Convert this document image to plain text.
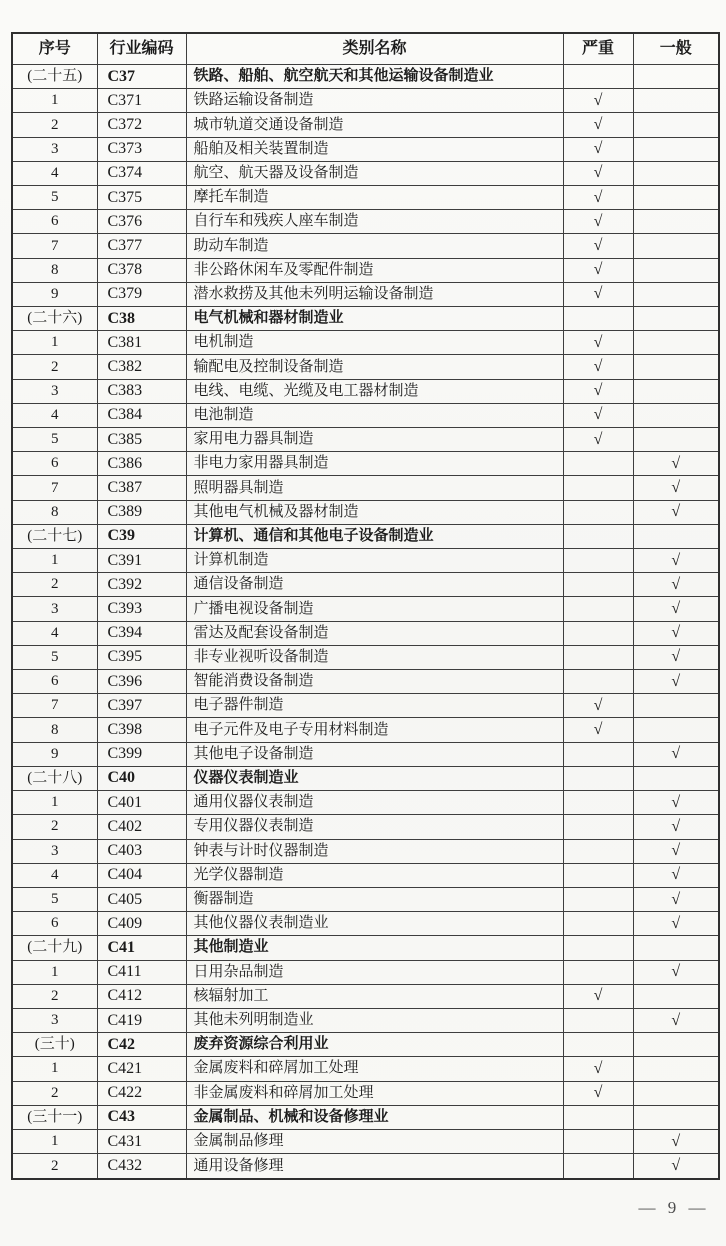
序号	行业编码	类别名称	严重	一般
(二十五)	C37	铁路、船舶、航空航天和其他运输设备制造业		
1	C371	铁路运输设备制造	√	
2	C372	城市轨道交通设备制造	√	
3	C373	船舶及相关装置制造	√	
4	C374	航空、航天器及设备制造	√	
5	C375	摩托车制造	√	
6	C376	自行车和残疾人座车制造	√	
7	C377	助动车制造	√	
8	C378	非公路休闲车及零配件制造	√	
9	C379	潜水救捞及其他未列明运输设备制造	√	
(二十六)	C38	电气机械和器材制造业		
1	C381	电机制造	√	
2	C382	输配电及控制设备制造	√	
3	C383	电线、电缆、光缆及电工器材制造	√	
4	C384	电池制造	√	
5	C385	家用电力器具制造	√	
6	C386	非电力家用器具制造		√
7	C387	照明器具制造		√
8	C389	其他电气机械及器材制造		√
(二十七)	C39	计算机、通信和其他电子设备制造业		
1	C391	计算机制造		√
2	C392	通信设备制造		√
3	C393	广播电视设备制造		√
4	C394	雷达及配套设备制造		√
5	C395	非专业视听设备制造		√
6	C396	智能消费设备制造		√
7	C397	电子器件制造	√	
8	C398	电子元件及电子专用材料制造	√	
9	C399	其他电子设备制造		√
(二十八)	C40	仪器仪表制造业		
1	C401	通用仪器仪表制造		√
2	C402	专用仪器仪表制造		√
3	C403	钟表与计时仪器制造		√
4	C404	光学仪器制造		√
5	C405	衡器制造		√
6	C409	其他仪器仪表制造业		√
(二十九)	C41	其他制造业		
1	C411	日用杂品制造		√
2	C412	核辐射加工	√	
3	C419	其他未列明制造业		√
(三十)	C42	废弃资源综合利用业		
1	C421	金属废料和碎屑加工处理	√	
2	C422	非金属废料和碎屑加工处理	√	
(三十一)	C43	金属制品、机械和设备修理业		
1	C431	金属制品修理		√
2	C432	通用设备修理		√
— 9 —
